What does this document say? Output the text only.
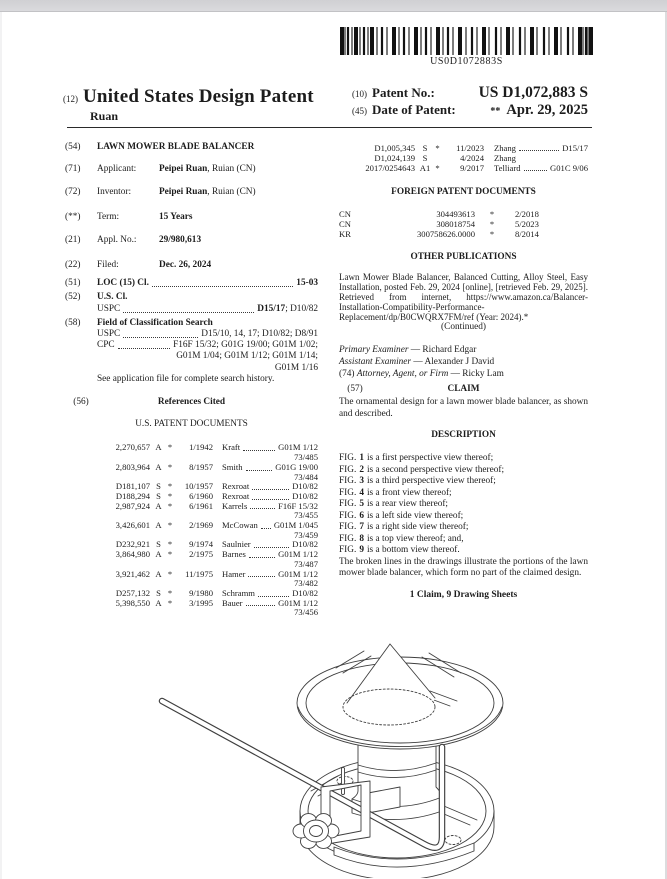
US0D1072883S
(12) United States Design Patent
Ruan
(10) Patent No.:	US D1,072,883 S
(45) Date of Patent:	** Apr. 29, 2025
(54)	LAWN MOWER BLADE BALANCER
(71)	Applicant:	Peipei Ruan, Ruian (CN)
(72)	Inventor:	Peipei Ruan, Ruian (CN)
(**)	Term:	15 Years
(21)	Appl. No.:	29/980,613
(22)	Filed:	Dec. 26, 2024
(51)	LOC (15) Cl.	15-03
(52)	U.S. Cl.
USPC	D15/17; D10/82
(58)	Field of Classification Search
USPC	D15/10, 14, 17; D10/82; D8/91
CPC	F16F 15/32; G01G 19/00; G01M 1/02;
G01M 1/04; G01M 1/12; G01M 1/14;
G01M 1/16
See application file for complete search history.
(56)	References Cited
U.S. PATENT DOCUMENTS
2,270,657 A *	1/1942 Kraft	G01M 1/12
73/485
2,803,964 A *	8/1957 Smith	G01G 19/00
73/484
D181,107 S *	10/1957 Rexroat	D10/82
D188,294 S *	6/1960 Rexroat	D10/82
2,987,924 A *	6/1961 Karrels	F16F 15/32
73/455
3,426,601 A *	2/1969 McCowan G01M 1/045
73/459
D232,921 S *	9/1974 Saulnier	D10/82
3,864,980 A *	2/1975 Barnes	G01M 1/12
73/487
3,921,462 A *	11/1975 Hamer	G01M 1/12
73/482
D257,132 S *	9/1980 Schramm	D10/82
5,398,550 A *	3/1995 Bauer	G01M 1/12
73/456
D1,005,345 S *	11/2023 Zhang	D15/17
D1,024,139 S	4/2024 Zhang
2017/0254643 A1 *	9/2017 Telliard	G01C 9/06
FOREIGN PATENT DOCUMENTS
CN	304493613	*	2/2018
CN	308018754	*	5/2023
KR	300758626.0000	*	8/2014
OTHER PUBLICATIONS
Lawn Mower Blade Balancer, Balanced Cutting, Alloy Steel, Easy Installation, posted Feb. 29, 2024 [online], [retrieved Feb. 29, 2025]. Retrieved from internet, https://www.amazon.ca/Balancer-Installation-Compatibility-Performance-Replacement/dp/B0CWQRX7FM/ref (Year: 2024).*
(Continued)
Primary Examiner — Richard Edgar
Assistant Examiner — Alexander J David
(74) Attorney, Agent, or Firm — Ricky Lam
(57)	CLAIM
The ornamental design for a lawn mower blade balancer, as shown and described.
DESCRIPTION
FIG. 1 is a first perspective view thereof;
FIG. 2 is a second perspective view thereof;
FIG. 3 is a third perspective view thereof;
FIG. 4 is a front view thereof;
FIG. 5 is a rear view thereof;
FIG. 6 is a left side view thereof;
FIG. 7 is a right side view thereof;
FIG. 8 is a top view thereof; and,
FIG. 9 is a bottom view thereof.
The broken lines in the drawings illustrate the portions of the lawn mower blade balancer, which form no part of the claimed design.
1 Claim, 9 Drawing Sheets
